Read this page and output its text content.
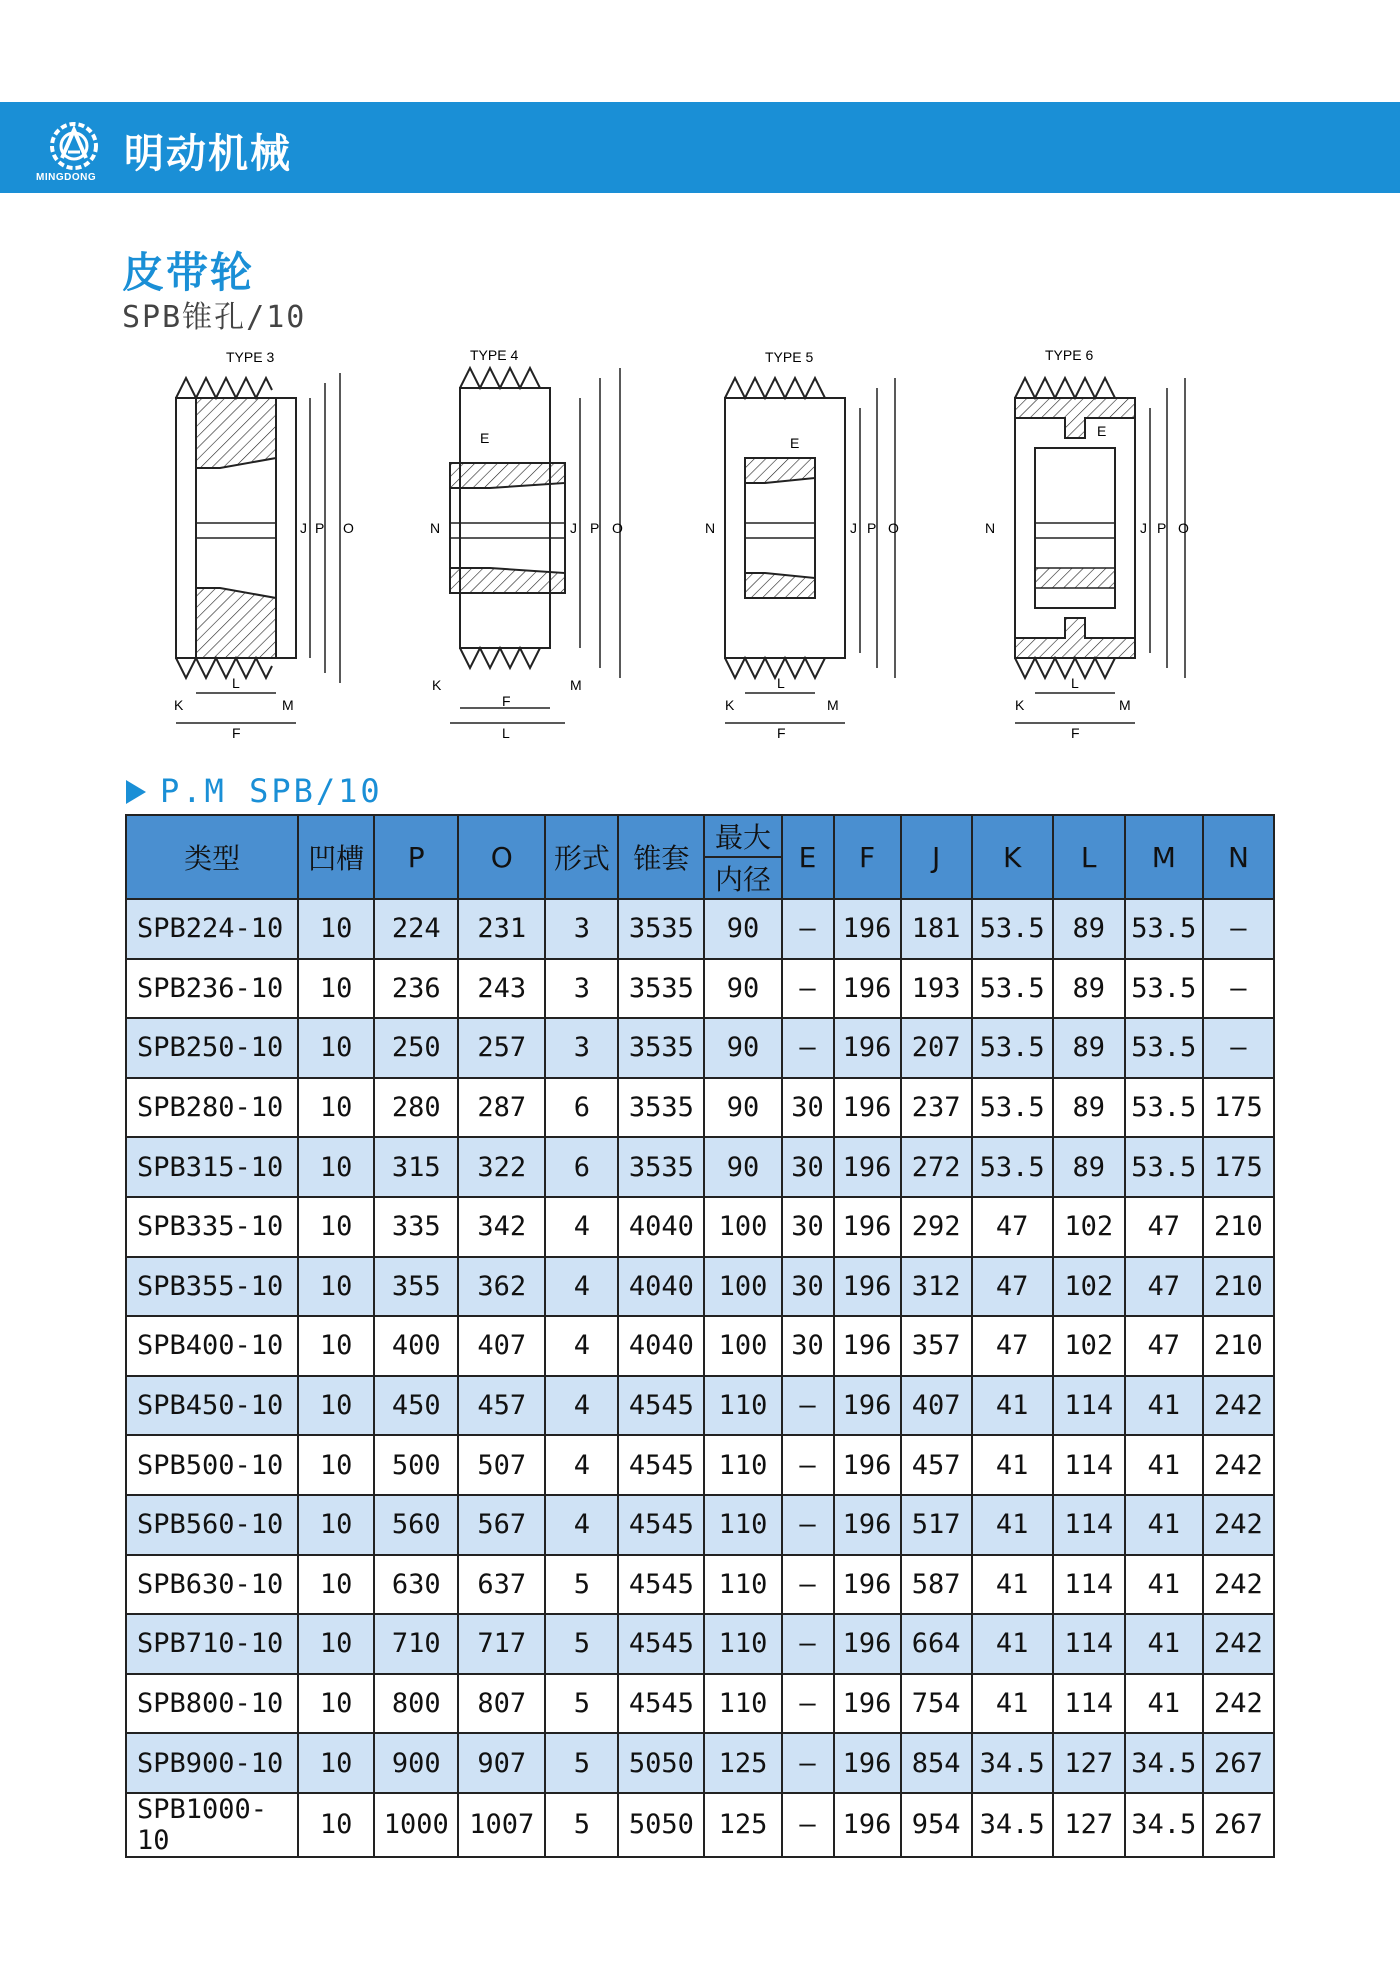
MINGDONG
明动机械
皮带轮
SPB锥孔/10
TYPE 3
J P O
K
L
M
F
TYPE 4
E
N	J P O
K	M
F
L
TYPE 5
E
N	J P O
K
L
M
F
TYPE 6
E
N	J P O
K
L
M
F
P.M SPB/10
类型	凹槽	P	O	形式	锥套	最大	E	F	J	K	L	M	N
						内径							
SPB224-10	10	224	231	3	3535	90	—	196	181	53.5	89	53.5	—
SPB236-10	10	236	243	3	3535	90	—	196	193	53.5	89	53.5	—
SPB250-10	10	250	257	3	3535	90	—	196	207	53.5	89	53.5	—
SPB280-10	10	280	287	6	3535	90	30	196	237	53.5	89	53.5	175
SPB315-10	10	315	322	6	3535	90	30	196	272	53.5	89	53.5	175
SPB335-10	10	335	342	4	4040	100	30	196	292	47	102	47	210
SPB355-10	10	355	362	4	4040	100	30	196	312	47	102	47	210
SPB400-10	10	400	407	4	4040	100	30	196	357	47	102	47	210
SPB450-10	10	450	457	4	4545	110	—	196	407	41	114	41	242
SPB500-10	10	500	507	4	4545	110	—	196	457	41	114	41	242
SPB560-10	10	560	567	4	4545	110	—	196	517	41	114	41	242
SPB630-10	10	630	637	5	4545	110	—	196	587	41	114	41	242
SPB710-10	10	710	717	5	4545	110	—	196	664	41	114	41	242
SPB800-10	10	800	807	5	4545	110	—	196	754	41	114	41	242
SPB900-10	10	900	907	5	5050	125	—	196	854	34.5	127	34.5	267
SPB1000-10	10	1000	1007	5	5050	125	—	196	954	34.5	127	34.5	267
